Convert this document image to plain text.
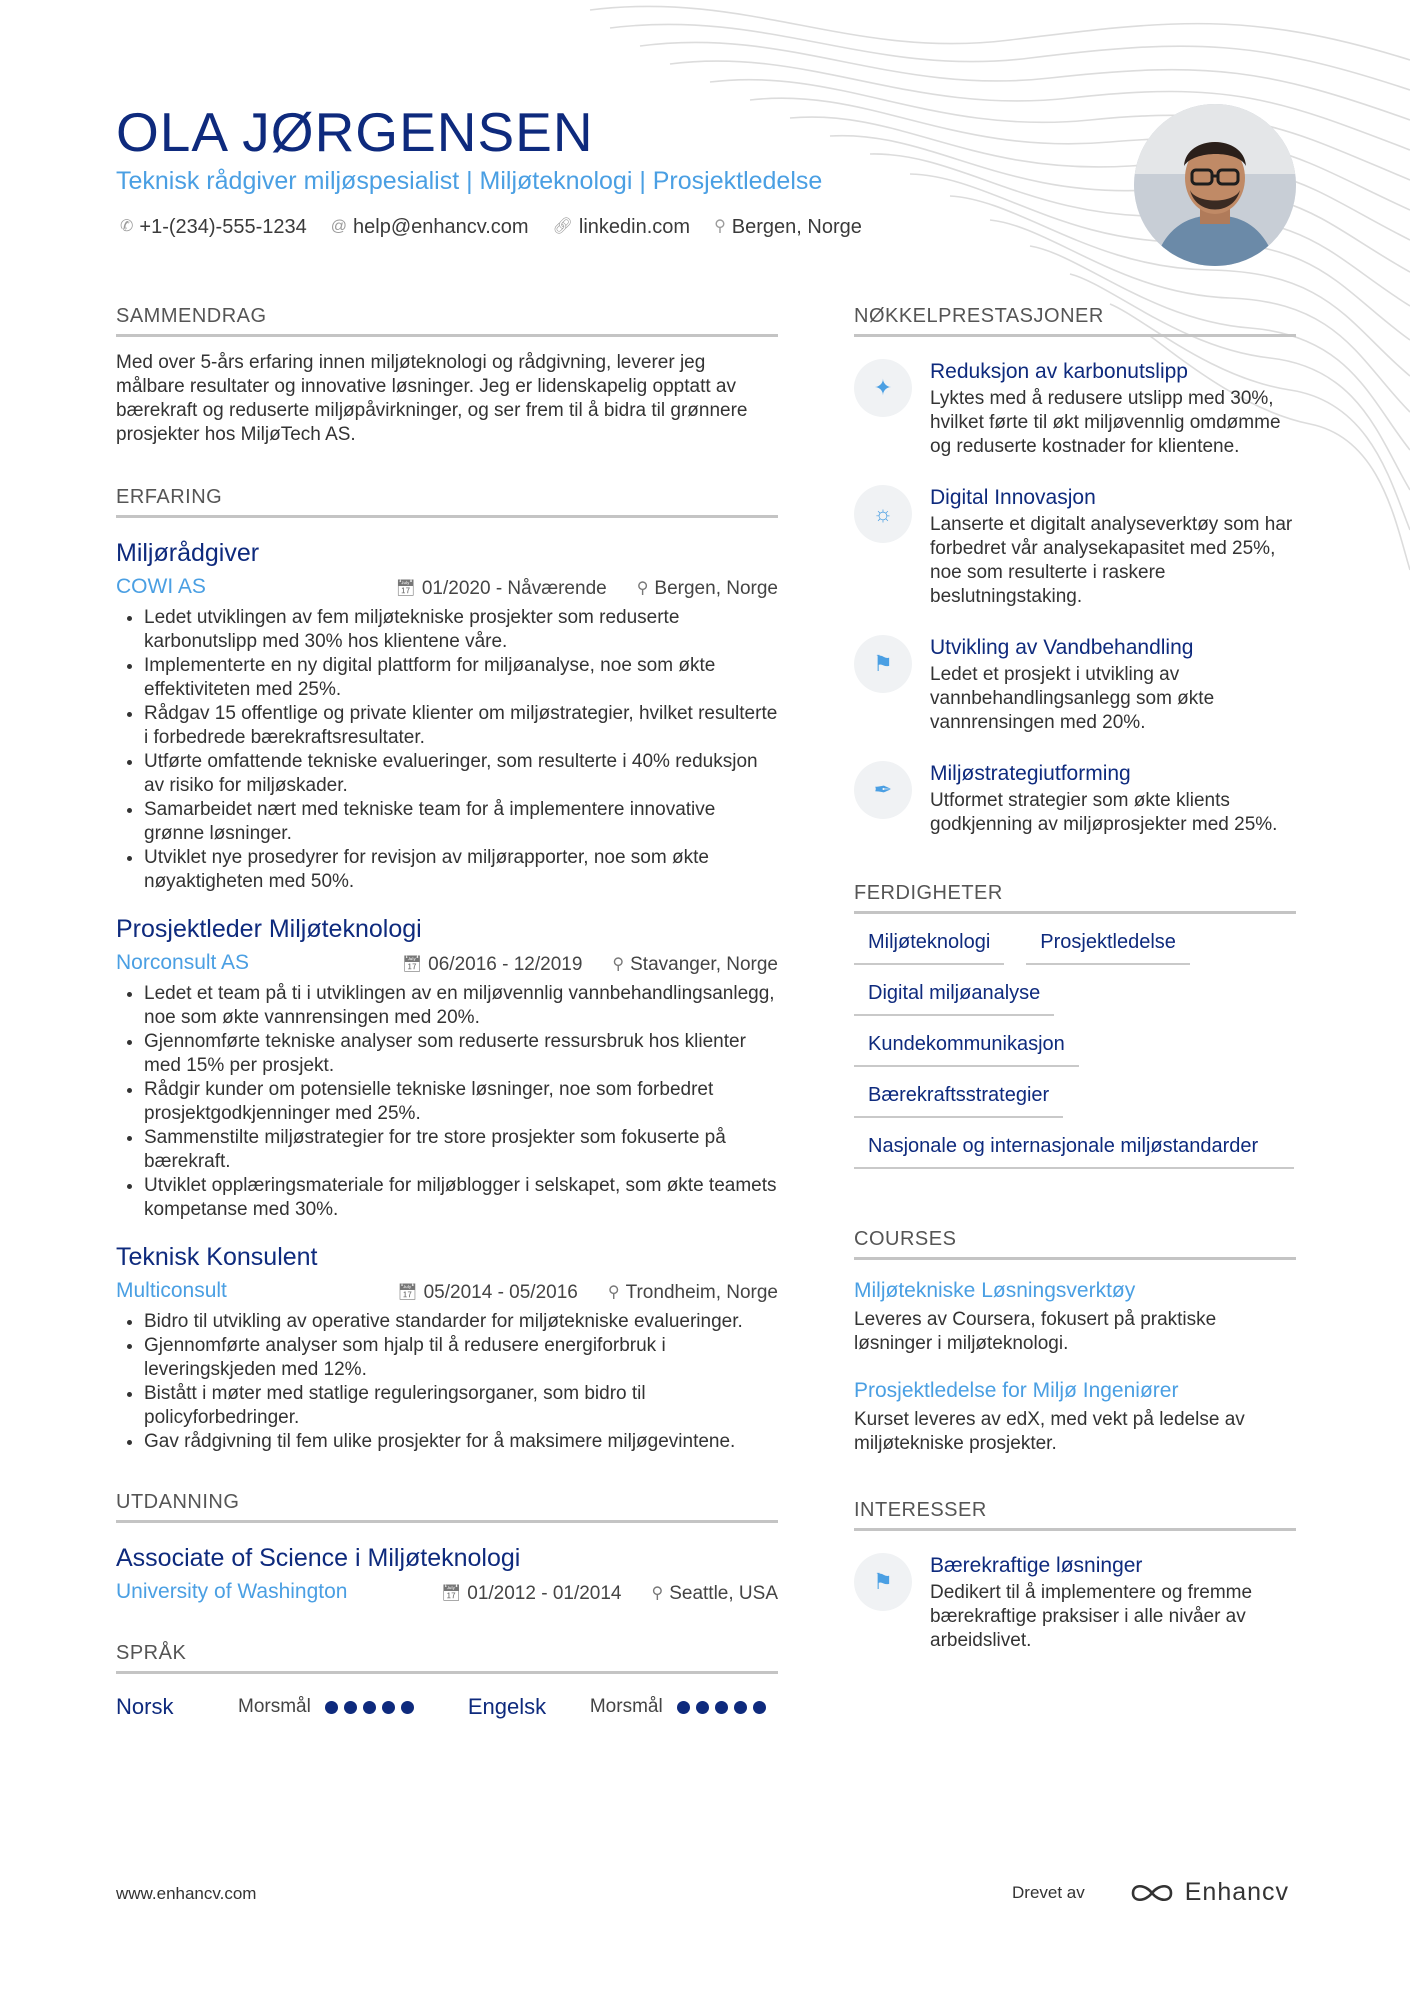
OLA JØRGENSEN
Teknisk rådgiver miljøspesialist | Miljøteknologi | Prosjektledelse
✆ +1-(234)-555-1234 @ help@enhancv.com 🔗︎ linkedin.com ⚲ Bergen, Norge
SAMMENDRAG
Med over 5-års erfaring innen miljøteknologi og rådgivning, leverer jeg målbare resultater og innovative løsninger. Jeg er lidenskapelig opptatt av bærekraft og reduserte miljøpåvirkninger, og ser frem til å bidra til grønnere prosjekter hos MiljøTech AS.
ERFARING
Miljørådgiver
COWI AS	📅︎ 01/2020 - Nåværende ⚲ Bergen, Norge
• Ledet utviklingen av fem miljøtekniske prosjekter som reduserte karbonutslipp med 30% hos klientene våre.
• Implementerte en ny digital plattform for miljøanalyse, noe som økte effektiviteten med 25%.
• Rådgav 15 offentlige og private klienter om miljøstrategier, hvilket resulterte i forbedrede bærekraftsresultater.
• Utførte omfattende tekniske evalueringer, som resulterte i 40% reduksjon av risiko for miljøskader.
• Samarbeidet nært med tekniske team for å implementere innovative grønne løsninger.
• Utviklet nye prosedyrer for revisjon av miljørapporter, noe som økte nøyaktigheten med 50%.
Prosjektleder Miljøteknologi
Norconsult AS	📅︎ 06/2016 - 12/2019 ⚲ Stavanger, Norge
• Ledet et team på ti i utviklingen av en miljøvennlig vannbehandlingsanlegg, noe som økte vannrensingen med 20%.
• Gjennomførte tekniske analyser som reduserte ressursbruk hos klienter med 15% per prosjekt.
• Rådgir kunder om potensielle tekniske løsninger, noe som forbedret prosjektgodkjenninger med 25%.
• Sammenstilte miljøstrategier for tre store prosjekter som fokuserte på bærekraft.
• Utviklet opplæringsmateriale for miljøblogger i selskapet, som økte teamets kompetanse med 30%.
Teknisk Konsulent
Multiconsult	📅︎ 05/2014 - 05/2016 ⚲ Trondheim, Norge
• Bidro til utvikling av operative standarder for miljøtekniske evalueringer.
• Gjennomførte analyser som hjalp til å redusere energiforbruk i leveringskjeden med 12%.
• Bistått i møter med statlige reguleringsorganer, som bidro til policyforbedringer.
• Gav rådgivning til fem ulike prosjekter for å maksimere miljøgevintene.
UTDANNING
Associate of Science i Miljøteknologi
University of Washington	📅︎ 01/2012 - 01/2014 ⚲ Seattle, USA
SPRÅK
Norsk	Morsmål	Engelsk	Morsmål
NØKKELPRESTASJONER
✦
Reduksjon av karbonutslipp
Lyktes med å redusere utslipp med 30%, hvilket førte til økt miljøvennlig omdømme og reduserte kostnader for klientene.
☼
Digital Innovasjon
Lanserte et digitalt analyseverktøy som har forbedret vår analysekapasitet med 25%, noe som resulterte i raskere beslutningstaking.
⚑
Utvikling av Vandbehandling
Ledet et prosjekt i utvikling av vannbehandlingsanlegg som økte vannrensingen med 20%.
✒
Miljøstrategiutforming
Utformet strategier som økte klients godkjenning av miljøprosjekter med 25%.
FERDIGHETER
Miljøteknologi	Prosjektledelse
Digital miljøanalyse
Kundekommunikasjon
Bærekraftsstrategier
Nasjonale og internasjonale miljøstandarder
COURSES
Miljøtekniske Løsningsverktøy
Leveres av Coursera, fokusert på praktiske løsninger i miljøteknologi.
Prosjektledelse for Miljø Ingeniører
Kurset leveres av edX, med vekt på ledelse av miljøtekniske prosjekter.
INTERESSER
⚑
Bærekraftige løsninger
Dedikert til å implementere og fremme bærekraftige praksiser i alle nivåer av arbeidslivet.
www.enhancv.com	Drevet av	Enhancv
